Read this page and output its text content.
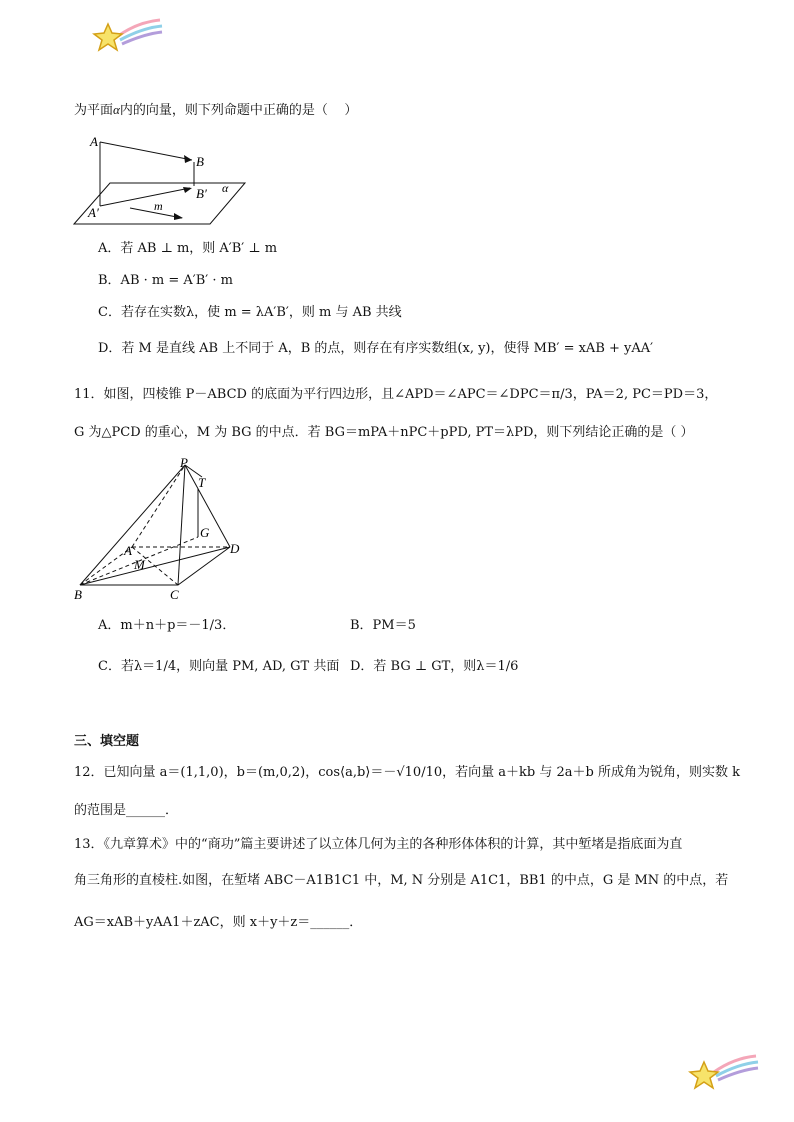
为平面α内的向量，则下列命题中正确的是（    ）
A
B
A′
B′ α
m
A．若 AB ⊥ m，则 A′B′ ⊥ m
B．AB · m = A′B′ · m
C．若存在实数λ，使 m = λA′B′，则 m 与 AB 共线
D．若 M 是直线 AB 上不同于 A，B 的点，则存在有序实数组(x, y)，使得 MB′ = xAB + yAA′
11．如图，四棱锥 P－ABCD 的底面为平行四边形，且∠APD＝∠APC＝∠DPC＝π/3，PA＝2, PC＝PD＝3，
G 为△PCD 的重心，M 为 BG 的中点．若 BG＝mPA＋nPC＋pPD, PT＝λPD，则下列结论正确的是（ ）
P
T
G
D
A
M
B	C
A．m＋n＋p＝－1/3．	B．PM＝5
C．若λ＝1/4，则向量 PM, AD, GT 共面 D．若 BG ⊥ GT，则λ＝1/6
三、填空题
12．已知向量 a＝(1,1,0)，b＝(m,0,2)，cos⟨a,b⟩＝－√10/10，若向量 a＋kb 与 2a＋b 所成角为锐角，则实数 k
的范围是______．
13．《九章算术》中的“商功”篇主要讲述了以立体几何为主的各种形体体积的计算，其中堑堵是指底面为直
角三角形的直棱柱.如图，在堑堵 ABC－A1B1C1 中，M, N 分别是 A1C1，BB1 的中点，G 是 MN 的中点，若
AG＝xAB＋yAA1＋zAC，则 x＋y＋z＝______．
